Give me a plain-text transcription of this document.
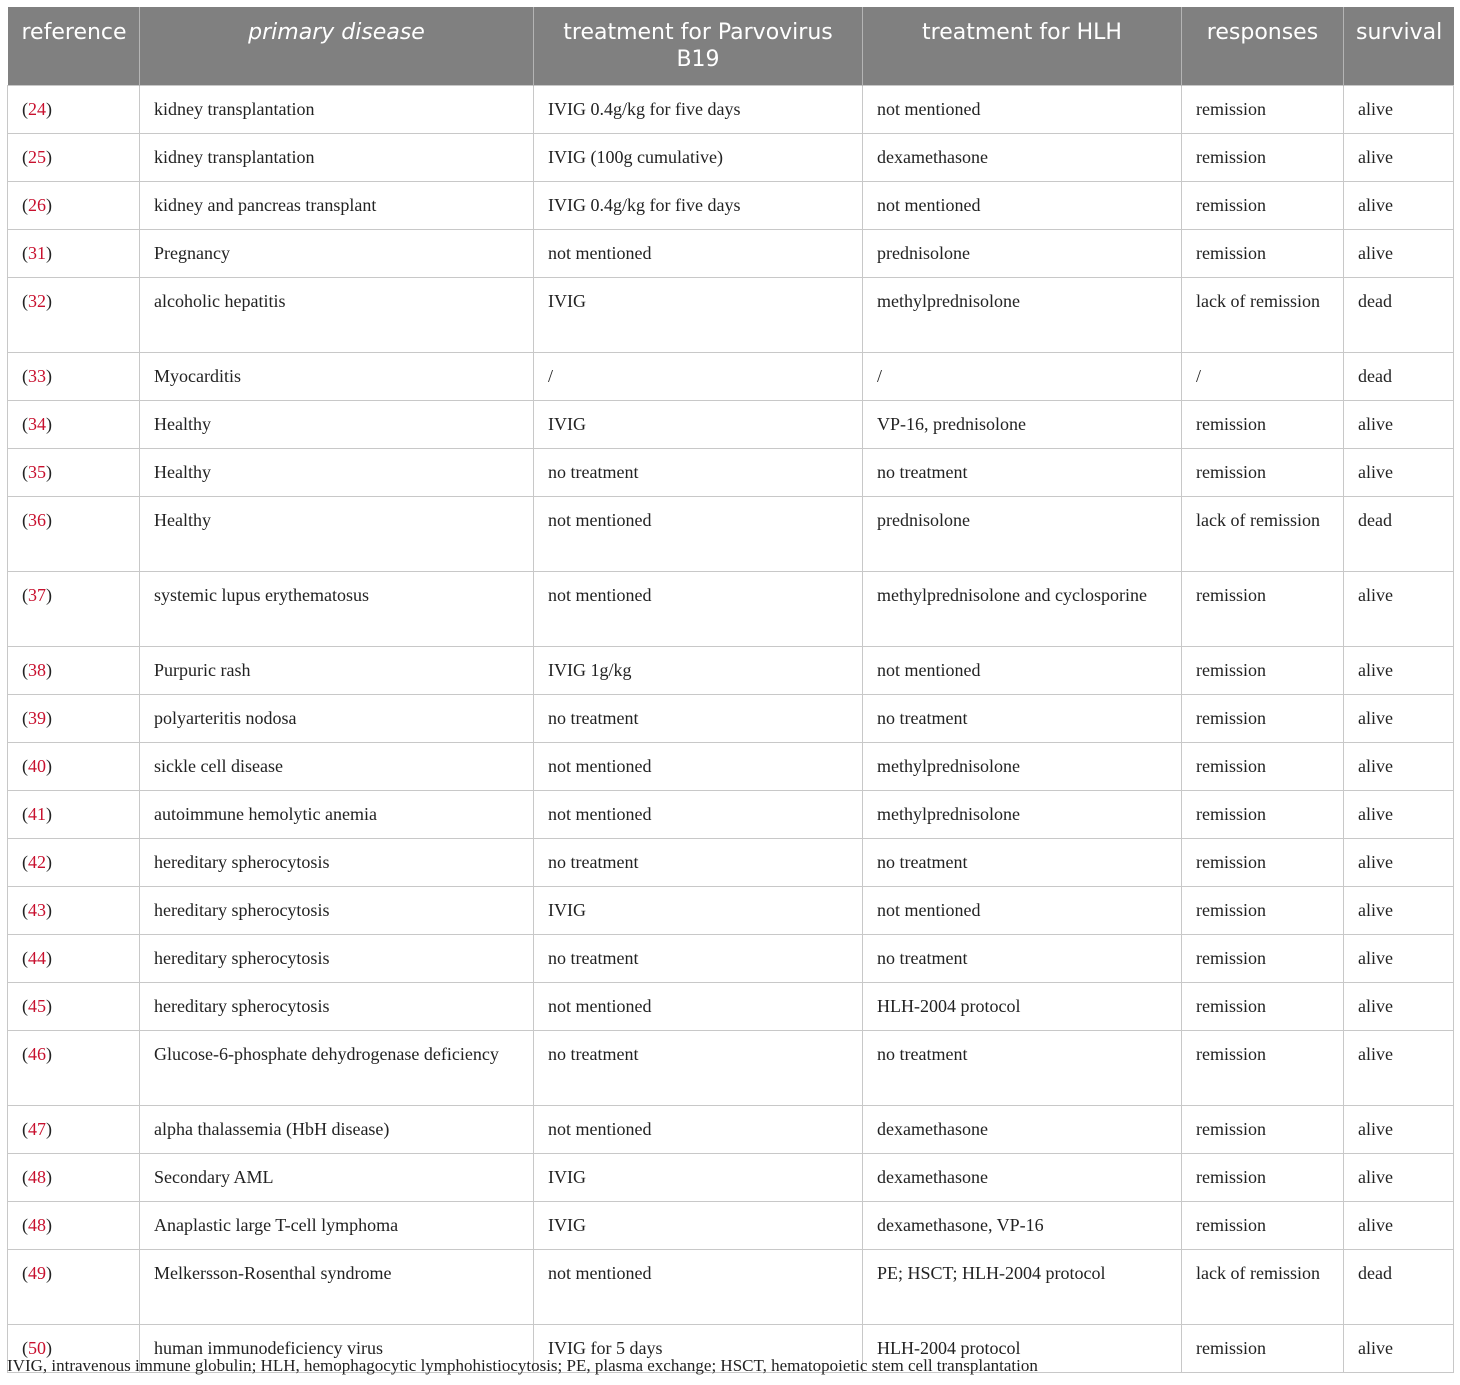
reference	primary disease	treatment for Parvovirus B19	treatment for HLH	responses	survival
(24)	kidney transplantation	IVIG 0.4g/kg for five days	not mentioned	remission	alive
(25)	kidney transplantation	IVIG (100g cumulative)	dexamethasone	remission	alive
(26)	kidney and pancreas transplant	IVIG 0.4g/kg for five days	not mentioned	remission	alive
(31)	Pregnancy	not mentioned	prednisolone	remission	alive
(32)	alcoholic hepatitis	IVIG	methylprednisolone	lack of remission	dead
(33)	Myocarditis	/	/	/	dead
(34)	Healthy	IVIG	VP-16, prednisolone	remission	alive
(35)	Healthy	no treatment	no treatment	remission	alive
(36)	Healthy	not mentioned	prednisolone	lack of remission	dead
(37)	systemic lupus erythematosus	not mentioned	methylprednisolone and cyclosporine	remission	alive
(38)	Purpuric rash	IVIG 1g/kg	not mentioned	remission	alive
(39)	polyarteritis nodosa	no treatment	no treatment	remission	alive
(40)	sickle cell disease	not mentioned	methylprednisolone	remission	alive
(41)	autoimmune hemolytic anemia	not mentioned	methylprednisolone	remission	alive
(42)	hereditary spherocytosis	no treatment	no treatment	remission	alive
(43)	hereditary spherocytosis	IVIG	not mentioned	remission	alive
(44)	hereditary spherocytosis	no treatment	no treatment	remission	alive
(45)	hereditary spherocytosis	not mentioned	HLH-2004 protocol	remission	alive
(46)	Glucose-6-phosphate dehydrogenase deficiency	no treatment	no treatment	remission	alive
(47)	alpha thalassemia (HbH disease)	not mentioned	dexamethasone	remission	alive
(48)	Secondary AML	IVIG	dexamethasone	remission	alive
(48)	Anaplastic large T-cell lymphoma	IVIG	dexamethasone, VP-16	remission	alive
(49)	Melkersson-Rosenthal syndrome	not mentioned	PE; HSCT; HLH-2004 protocol	lack of remission	dead
(50)	human immunodeficiency virus	IVIG for 5 days	HLH-2004 protocol	remission	alive
IVIG, intravenous immune globulin; HLH, hemophagocytic lymphohistiocytosis; PE, plasma exchange; HSCT, hematopoietic stem cell transplantation
